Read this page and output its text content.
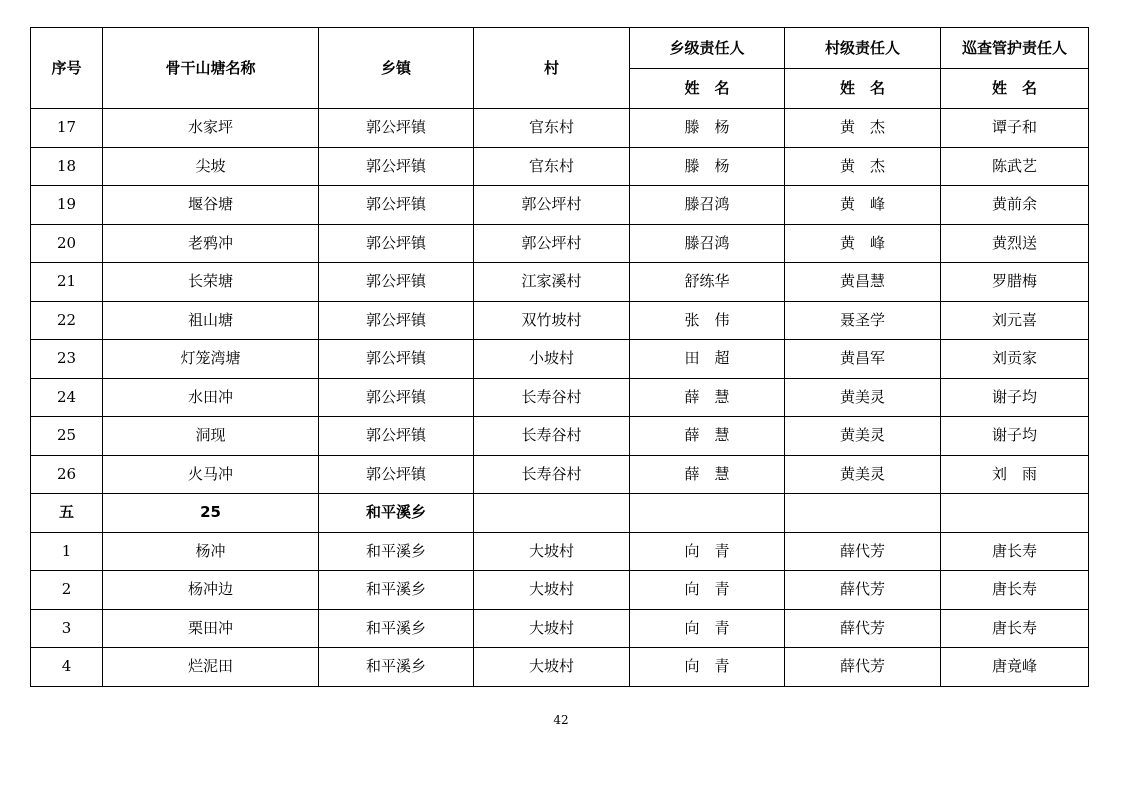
序号	骨干山塘名称	乡镇	村	乡级责任人	村级责任人	巡查管护责任人
				姓　名	姓　名	姓　名
17	水家坪	郭公坪镇	官东村	滕　杨	黄　杰	谭子和
18	尖坡	郭公坪镇	官东村	滕　杨	黄　杰	陈武艺
19	堰谷塘	郭公坪镇	郭公坪村	滕召鸿	黄　峰	黄前余
20	老鸦冲	郭公坪镇	郭公坪村	滕召鸿	黄　峰	黄烈送
21	长荣塘	郭公坪镇	江家溪村	舒练华	黄昌慧	罗腊梅
22	祖山塘	郭公坪镇	双竹坡村	张　伟	聂圣学	刘元喜
23	灯笼湾塘	郭公坪镇	小坡村	田　超	黄昌军	刘贡家
24	水田冲	郭公坪镇	长寿谷村	薛　慧	黄美灵	谢子均
25	洞现	郭公坪镇	长寿谷村	薛　慧	黄美灵	谢子均
26	火马冲	郭公坪镇	长寿谷村	薛　慧	黄美灵	刘　雨
五	25	和平溪乡				
1	杨冲	和平溪乡	大坡村	向　青	薛代芳	唐长寿
2	杨冲边	和平溪乡	大坡村	向　青	薛代芳	唐长寿
3	栗田冲	和平溪乡	大坡村	向　青	薛代芳	唐长寿
4	烂泥田	和平溪乡	大坡村	向　青	薛代芳	唐竟峰
42
